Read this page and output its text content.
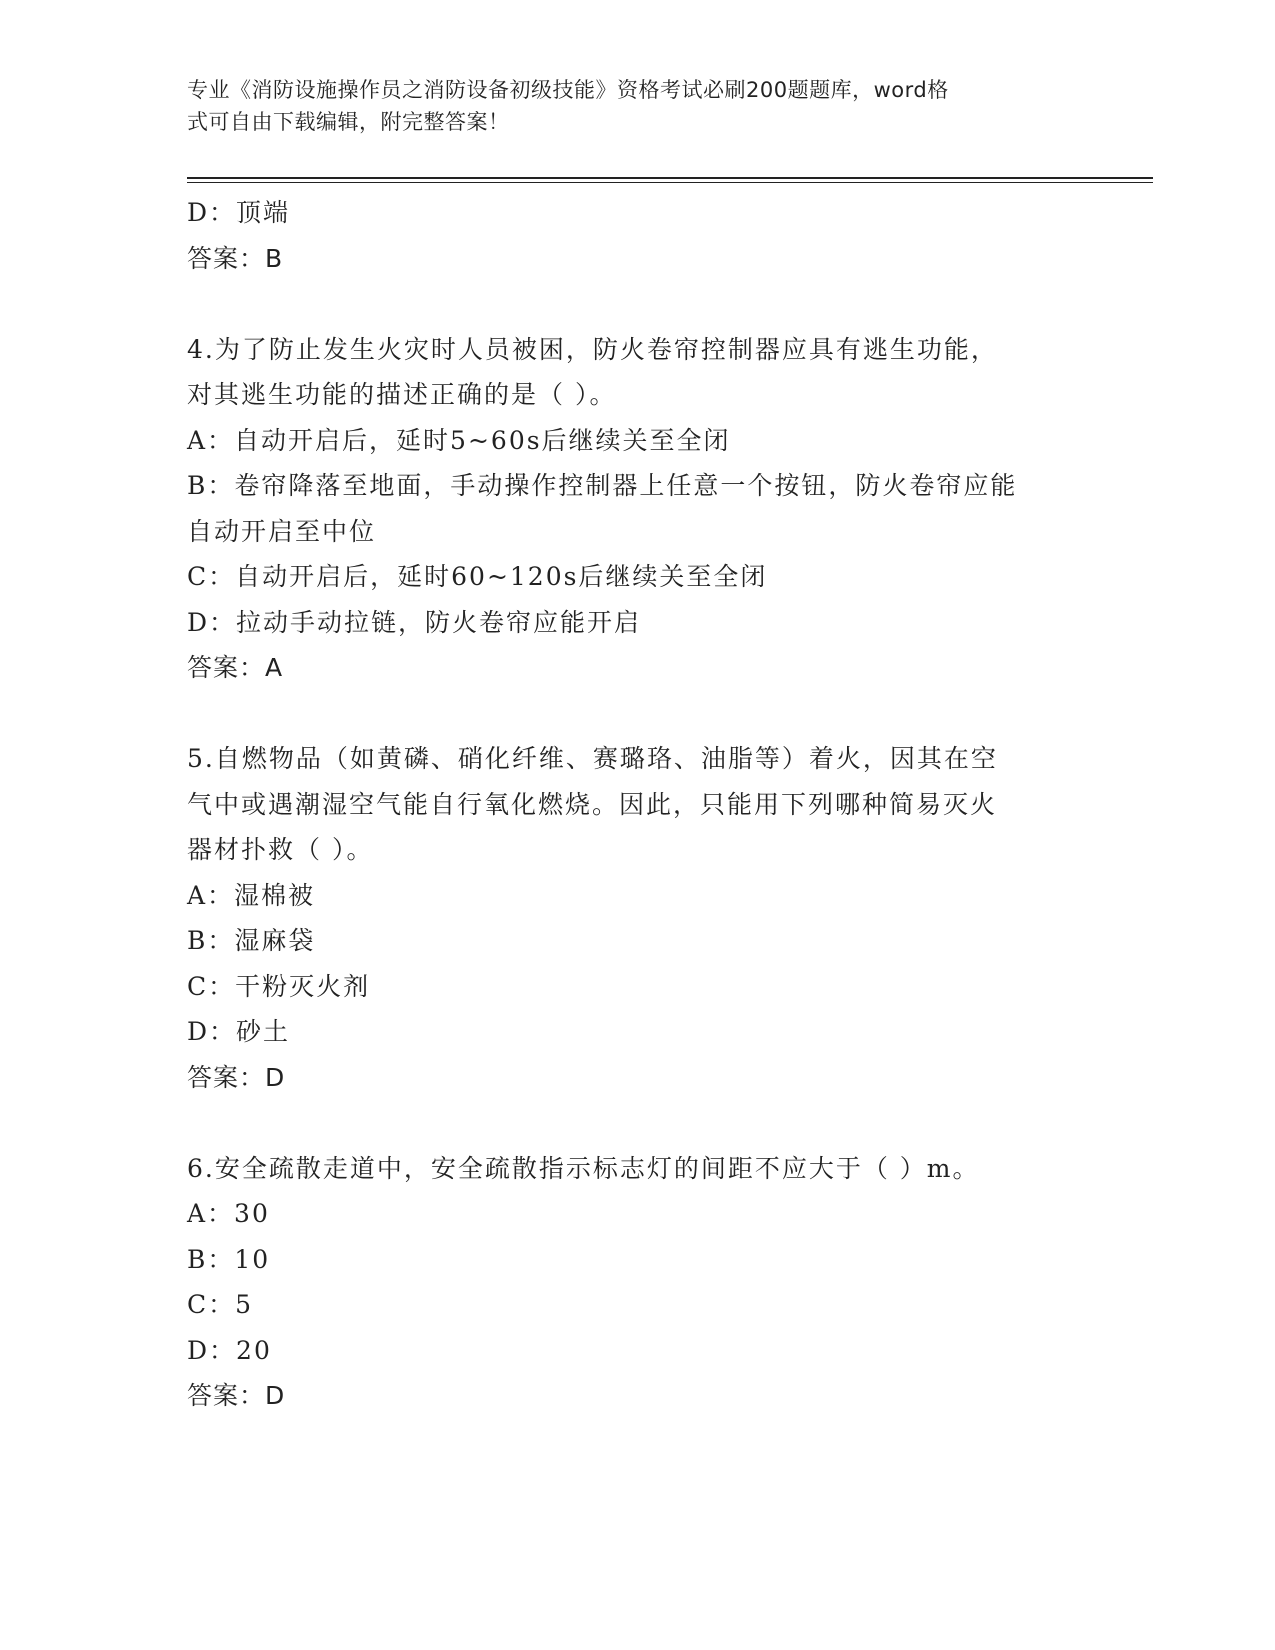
专业《消防设施操作员之消防设备初级技能》资格考试必刷200题题库，word格
式可自由下载编辑，附完整答案！
D：顶端
答案：B
4.为了防止发生火灾时人员被困，防火卷帘控制器应具有逃生功能，
对其逃生功能的描述正确的是（ ）。
A：自动开启后，延时5~60s后继续关至全闭
B：卷帘降落至地面，手动操作控制器上任意一个按钮，防火卷帘应能
自动开启至中位
C：自动开启后，延时60~120s后继续关至全闭
D：拉动手动拉链，防火卷帘应能开启
答案：A
5.自燃物品（如黄磷、硝化纤维、赛璐珞、油脂等）着火，因其在空
气中或遇潮湿空气能自行氧化燃烧。因此，只能用下列哪种简易灭火
器材扑救（ ）。
A：湿棉被
B：湿麻袋
C：干粉灭火剂
D：砂土
答案：D
6.安全疏散走道中，安全疏散指示标志灯的间距不应大于（ ）m。
A：30
B：10
C：5
D：20
答案：D
